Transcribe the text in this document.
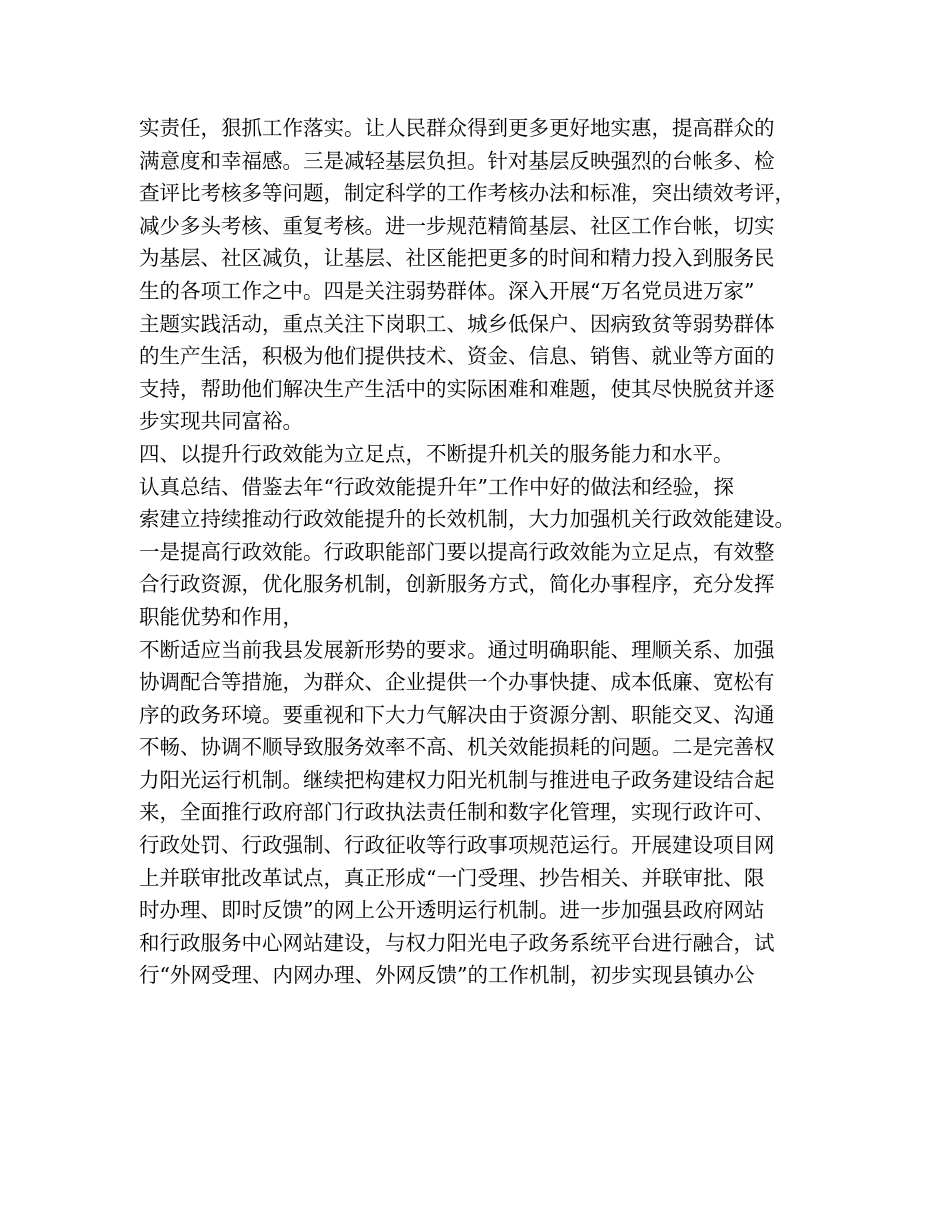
实责任，狠抓工作落实。让人民群众得到更多更好地实惠，提高群众的
满意度和幸福感。三是减轻基层负担。针对基层反映强烈的台帐多、检
查评比考核多等问题，制定科学的工作考核办法和标准，突出绩效考评，
减少多头考核、重复考核。进一步规范精简基层、社区工作台帐，切实
为基层、社区减负，让基层、社区能把更多的时间和精力投入到服务民
生的各项工作之中。四是关注弱势群体。深入开展“万名党员进万家”
主题实践活动，重点关注下岗职工、城乡低保户、因病致贫等弱势群体
的生产生活，积极为他们提供技术、资金、信息、销售、就业等方面的
支持，帮助他们解决生产生活中的实际困难和难题，使其尽快脱贫并逐
步实现共同富裕。
四、以提升行政效能为立足点，不断提升机关的服务能力和水平。
认真总结、借鉴去年“行政效能提升年”工作中好的做法和经验，探
索建立持续推动行政效能提升的长效机制，大力加强机关行政效能建设。
一是提高行政效能。行政职能部门要以提高行政效能为立足点，有效整
合行政资源，优化服务机制，创新服务方式，简化办事程序，充分发挥
职能优势和作用，
不断适应当前我县发展新形势的要求。通过明确职能、理顺关系、加强
协调配合等措施，为群众、企业提供一个办事快捷、成本低廉、宽松有
序的政务环境。要重视和下大力气解决由于资源分割、职能交叉、沟通
不畅、协调不顺导致服务效率不高、机关效能损耗的问题。二是完善权
力阳光运行机制。继续把构建权力阳光机制与推进电子政务建设结合起
来，全面推行政府部门行政执法责任制和数字化管理，实现行政许可、
行政处罚、行政强制、行政征收等行政事项规范运行。开展建设项目网
上并联审批改革试点，真正形成“一门受理、抄告相关、并联审批、限
时办理、即时反馈”的网上公开透明运行机制。进一步加强县政府网站
和行政服务中心网站建设，与权力阳光电子政务系统平台进行融合，试
行“外网受理、内网办理、外网反馈”的工作机制，初步实现县镇办公
